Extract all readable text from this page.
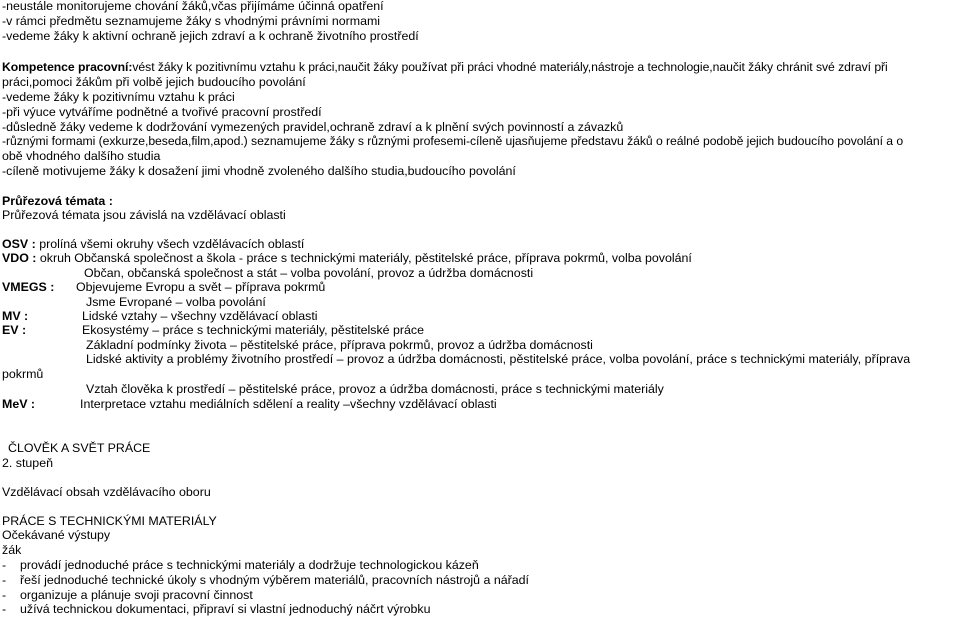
-neustále monitorujeme chování žáků,včas přijímáme účinná opatření
-v rámci předmětu seznamujeme žáky s vhodnými právními normami
-vedeme žáky k aktivní ochraně jejich zdraví a k ochraně životního prostředí
Kompetence pracovní:vést žáky k pozitivnímu vztahu k práci,naučit žáky používat při práci vhodné materiály,nástroje a technologie,naučit žáky chránit své zdraví při
práci,pomoci žákům při volbě jejich budoucího povolání
-vedeme žáky k pozitivnímu vztahu k práci
-při výuce vytváříme podnětné a tvořivé pracovní prostředí
-důsledně žáky vedeme k dodržování vymezených pravidel,ochraně zdraví a k plnění svých povinností a závazků
-různými formami (exkurze,beseda,film,apod.) seznamujeme žáky s různými profesemi-cíleně ujasňujeme představu žáků o reálné podobě jejich budoucího povolání a o
obě vhodného dalšího studia
-cíleně motivujeme žáky k dosažení jimi vhodně zvoleného dalšího studia,budoucího povolání
Průřezová témata :
Průřezová témata jsou závislá na vzdělávací oblasti
OSV : prolíná všemi okruhy všech vzdělávacích oblastí
VDO : okruh Občanská společnost a škola - práce s technickými materiály, pěstitelské práce, příprava pokrmů, volba povolání
Občan, občanská společnost a stát – volba povolání, provoz a údržba domácnosti
VMEGS : Objevujeme Evropu a svět – příprava pokrmů
Jsme Evropané – volba povolání
MV :	Lidské vztahy – všechny vzdělávací oblasti
EV :	Ekosystémy – práce s technickými materiály, pěstitelské práce
Základní podmínky života – pěstitelské práce, příprava pokrmů, provoz a údržba domácnosti
Lidské aktivity a problémy životního prostředí – provoz a údržba domácnosti, pěstitelské práce, volba povolání, práce s technickými materiály, příprava
pokrmů
Vztah člověka k prostředí – pěstitelské práce, provoz a údržba domácnosti, práce s technickými materiály
MeV :	Interpretace vztahu mediálních sdělení a reality –všechny vzdělávací oblasti
ČLOVĚK A SVĚT PRÁCE
2. stupeň
Vzdělávací obsah vzdělávacího oboru
PRÁCE S TECHNICKÝMI MATERIÁLY
Očekávané výstupy
žák
- provádí jednoduché práce s technickými materiály a dodržuje technologickou kázeň
- řeší jednoduché technické úkoly s vhodným výběrem materiálů, pracovních nástrojů a nářadí
- organizuje a plánuje svoji pracovní činnost
- užívá technickou dokumentaci, připraví si vlastní jednoduchý náčrt výrobku
